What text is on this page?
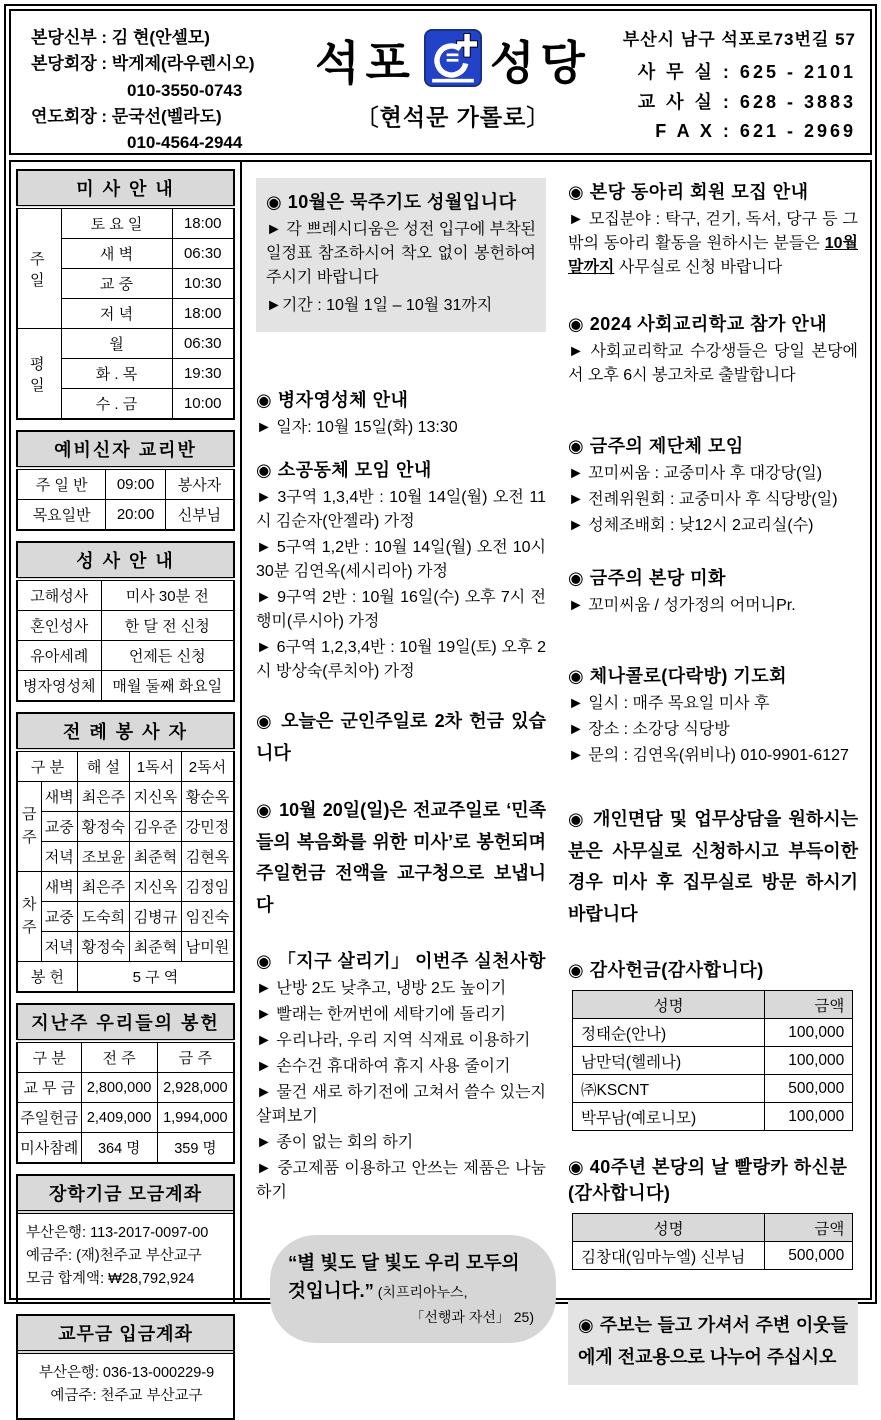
본당신부 : 김 현(안셀모)
본당회장 : 박게제(라우렌시오)
010-3550-0743
연도회장 : 문국선(벨라도)
010-4564-2944
석포 성당
〔현석문 가롤로〕
부산시 남구 석포로73번길 57
사 무 실 : 625 - 2101
교 사 실 : 628 - 3883
F A X : 621 - 2969
미 사 안 내		
주 일	토 요 일	18:00
	새 벽	06:30
	교 중	10:30
	저 녁	18:00
평 일	월	06:30
	화 . 목	19:30
	수 . 금	10:00
예비신자 교리반		
주 일 반	09:00	봉사자
목요일반	20:00	신부님
성 사 안 내	
고해성사	미사 30분 전
혼인성사	한 달 전 신청
유아세례	언제든 신청
병자영성체	매월 둘째 화요일
전 례 봉 사 자				
구 분		해 설	1독서	2독서
금주	새벽	최은주	지신옥	황순옥
	교중	황정숙	김우준	강민정
	저녁	조보윤	최준혁	김현옥
차주	새벽	최은주	지신옥	김정임
	교중	도숙희	김병규	임진숙
	저녁	황정숙	최준혁	남미원
봉 헌		5 구 역		
지난주 우리들의 봉헌		
구 분	전 주	금 주
교 무 금	2,800,000	2,928,000
주일헌금	2,409,000	1,994,000
미사참례	364 명	359 명
장학기금 모금계좌
부산은행: 113-2017-0097-00
예금주: (재)천주교 부산교구
모금 합계액: ₩28,792,924
교무금 입금계좌
부산은행: 036-13-000229-9
예금주: 천주교 부산교구
◉ 10월은 묵주기도 성월입니다
► 각 쁘레시디움은 성전 입구에 부착된 일정표 참조하시어 착오 없이 봉헌하여 주시기 바랍니다
►기간 : 10월 1일 – 10월 31까지
◉ 병자영성체 안내
► 일자: 10월 15일(화) 13:30
◉ 소공동체 모임 안내
► 3구역 1,3,4반 : 10월 14일(월) 오전 11시 김순자(안젤라) 가정
► 5구역 1,2반 : 10월 14일(월) 오전 10시 30분 김연옥(세시리아) 가정
► 9구역 2반 : 10월 16일(수) 오후 7시 전행미(루시아) 가정
► 6구역 1,2,3,4반 : 10월 19일(토) 오후 2시 방상숙(루치아) 가정
◉ 오늘은 군인주일로 2차 헌금 있습니다
◉ 10월 20일(일)은 전교주일로 ‘민족들의 복음화를 위한 미사’로 봉헌되며 주일헌금 전액을 교구청으로 보냅니다
◉ 「지구 살리기」 이번주 실천사항
► 난방 2도 낮추고, 냉방 2도 높이기
► 빨래는 한꺼번에 세탁기에 돌리기
► 우리나라, 우리 지역 식재료 이용하기
► 손수건 휴대하여 휴지 사용 줄이기
► 물건 새로 하기전에 고쳐서 쓸수 있는지 살펴보기
► 종이 없는 회의 하기
► 중고제품 이용하고 안쓰는 제품은 나눔하기
“별 빛도 달 빛도 우리 모두의 것입니다.” (치프리아누스,
「선행과 자선」 25)
◉ 본당 동아리 회원 모집 안내
► 모집분야 : 탁구, 걷기, 독서, 당구 등 그 밖의 동아리 활동을 원하시는 분들은 10월말까지 사무실로 신청 바랍니다
◉ 2024 사회교리학교 참가 안내
► 사회교리학교 수강생들은 당일 본당에서 오후 6시 봉고차로 출발합니다
◉ 금주의 제단체 모임
► 꼬미씨움 : 교중미사 후 대강당(일)
► 전례위원회 : 교중미사 후 식당방(일)
► 성체조배회 : 낮12시 2교리실(수)
◉ 금주의 본당 미화
► 꼬미씨움 / 성가정의 어머니Pr.
◉ 체나콜로(다락방) 기도회
► 일시 : 매주 목요일 미사 후
► 장소 : 소강당 식당방
► 문의 : 김연옥(위비나) 010-9901-6127
◉ 개인면담 및 업무상담을 원하시는 분은 사무실로 신청하시고 부득이한 경우 미사 후 집무실로 방문 하시기 바랍니다
◉ 감사헌금(감사합니다)
성명	금액
정태순(안나)	100,000
남만덕(헬레나)	100,000
㈜KSCNT	500,000
박무남(예로니모)	100,000
◉ 40주년 본당의 날 빨랑카 하신분 (감사합니다)
성명	금액
김창대(임마누엘) 신부님	500,000
◉ 주보는 들고 가셔서 주변 이웃들에게 전교용으로 나누어 주십시오
